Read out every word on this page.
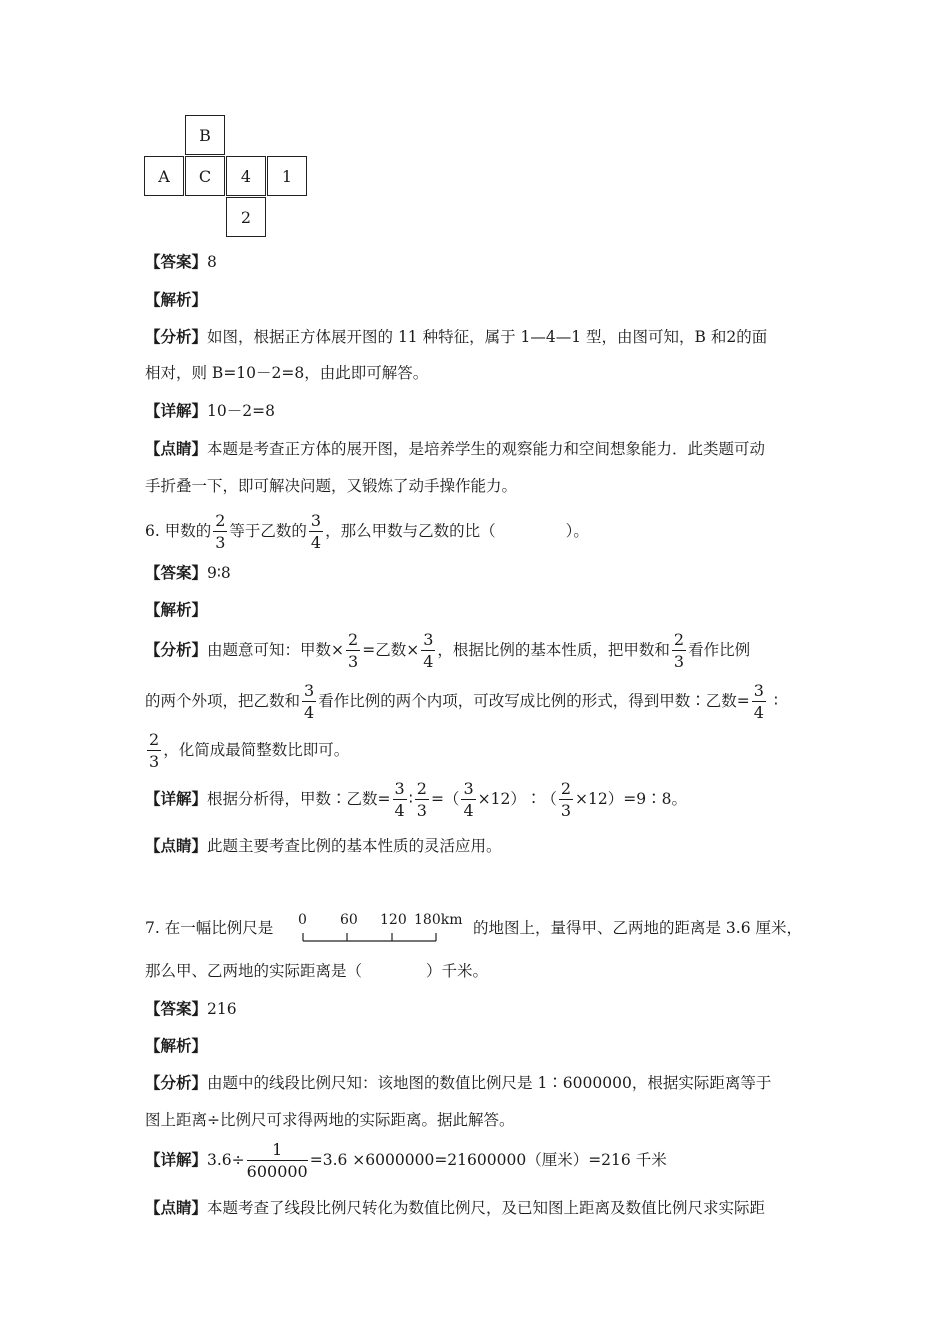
B
A C 4 1
2
【答案】8
【解析】
【分析】如图，根据正方体展开图的 11 种特征，属于 1—4—1 型，由图可知，B 和2的面
相对，则 B=10－2=8，由此即可解答。
【详解】10－2=8
【点睛】本题是考查正方体的展开图，是培养学生的观察能力和空间想象能力．此类题可动
手折叠一下，即可解决问题，又锻炼了动手操作能力。
6. 甲数的 $\frac{2}{3}$ 等于乙数的 $\frac{3}{4}$ ，那么甲数与乙数的比（	）。
【答案】9∶8
【解析】
【分析】由题意可知：甲数× $\frac{2}{3}$ =乙数× $\frac{3}{4}$ ，根据比例的基本性质，把甲数和 $\frac{2}{3}$ 看作比例
的两个外项，把乙数和 $\frac{3}{4}$ 看作比例的两个内项，可改写成比例的形式，得到甲数∶乙数= $\frac{3}{4}$ ∶
$\frac{2}{3}$ ，化简成最简整数比即可。
【详解】根据分析得，甲数∶乙数= $\frac{3}{4}$ ∶ $\frac{2}{3}$ =（ $\frac{3}{4}$ ×12）∶（ $\frac{2}{3}$ ×12）=9∶8。
【点睛】此题主要考查比例的基本性质的灵活应用。
7. 在一幅比例尺是 0 60 120 180km 的地图上，量得甲、乙两地的距离是 3.6 厘米，
那么甲、乙两地的实际距离是（	）千米。
【答案】216
【解析】
【分析】由题中的线段比例尺知：该地图的数值比例尺是 1∶6000000，根据实际距离等于
图上距离÷比例尺可求得两地的实际距离。据此解答。
【详解】$3.6\div \frac{1}{600000} =3.6 \times 6000000=21600000$（厘米）=216 千米
【点睛】本题考查了线段比例尺转化为数值比例尺，及已知图上距离及数值比例尺求实际距
